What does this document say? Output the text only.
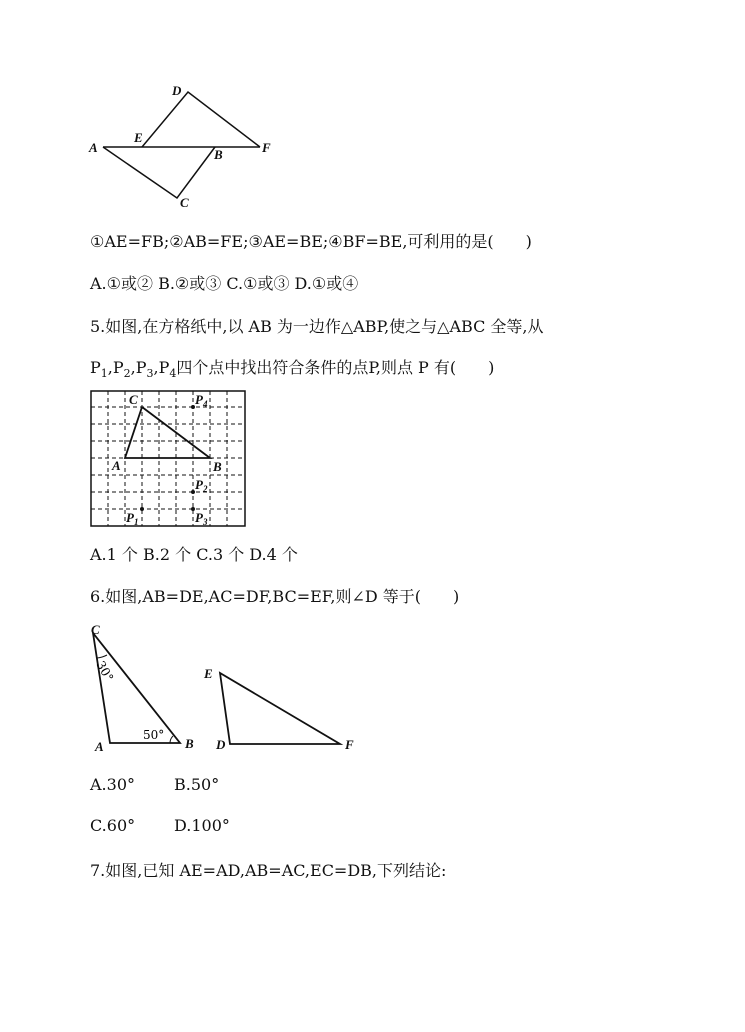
D
E
A	B	F
C
①AE=FB;②AB=FE;③AE=BE;④BF=BE,可利用的是(　　)
A.①或② B.②或③ C.①或③ D.①或④
5.如图,在方格纸中,以 AB 为一边作△ABP,使之与△ABC 全等,从
$P_1,P_2,P_3,P_4$四个点中找出符合条件的点P,则点 P 有(　　)
C
A	B
$P_4$
$P_2$
$P_3$
$P_1$
A.1 个 B.2 个 C.3 个 D.4 个
6.如图,AB=DE,AC=DF,BC=EF,则∠D 等于(　　)
C
A	B
30°
50°
E
D	F
A.30° B.50°
C.60° D.100°
7.如图,已知 AE=AD,AB=AC,EC=DB,下列结论:
